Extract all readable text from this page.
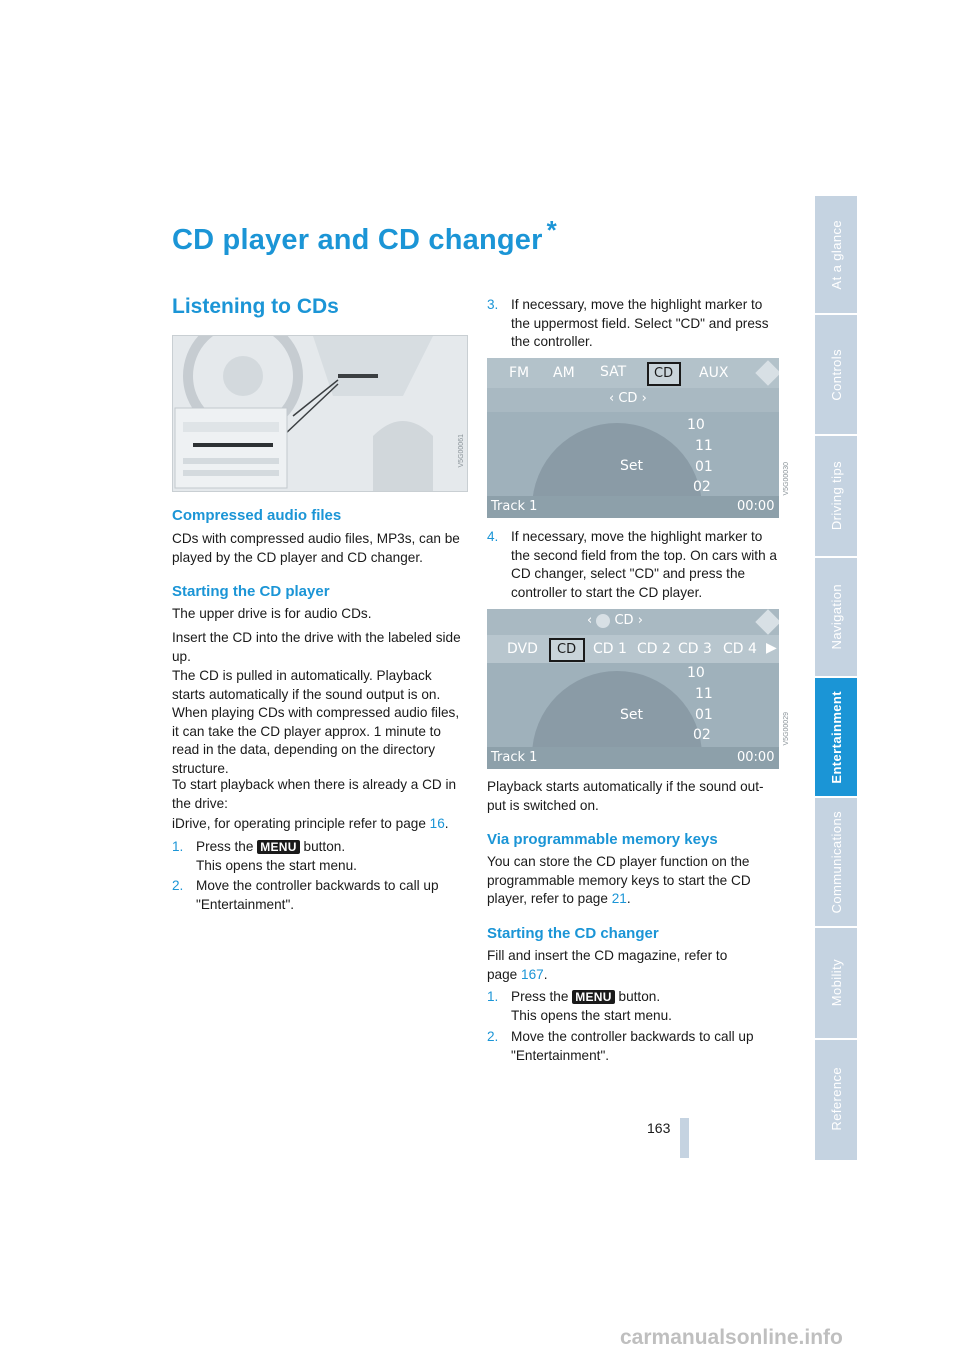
CD player and CD changer *
Listening to CDs
V5G00061
Compressed audio files

CDs with compressed audio files, MP3s, can be played by the CD player and CD changer.

Starting the CD player

The upper drive is for audio CDs.

Insert the CD into the drive with the labeled side up.

The CD is pulled in automatically. Playback starts automatically if the sound output is on.

When playing CDs with compressed audio files, it can take the CD player approx. 1 minute to read in the data, depending on the directory structure.

To start playback when there is already a CD in the drive:

iDrive, for operating principle refer to page 16.

1. Press the MENU button.
This opens the start menu.
2. Move the controller backwards to call up "Entertainment".
3. If necessary, move the highlight marker to the uppermost field. Select "CD" and press the controller.
FM AM SAT CD AUX
‹ CD ›
Set
10
11
01
02
Track 1	00:00
V5G00030
4. If necessary, move the highlight marker to the second field from the top. On cars with a CD changer, select "CD" and press the controller to start the CD player.
‹  CD ›
DVD CD CD 1 CD 2 CD 3 CD 4 ▶
Set
10
11
01
02
Track 1	00:00
V5G00029

Playback starts automatically if the sound out-put is switched on.

Via programmable memory keys

You can store the CD player function on the programmable memory keys to start the CD player, refer to page 21.

Starting the CD changer

Fill and insert the CD magazine, refer to page 167.

1. Press the MENU button.
This opens the start menu.
2. Move the controller backwards to call up "Entertainment".
163
At a glance
Controls
Driving tips
Navigation
Entertainment
Communications
Mobility
Reference
carmanualsonline.info
